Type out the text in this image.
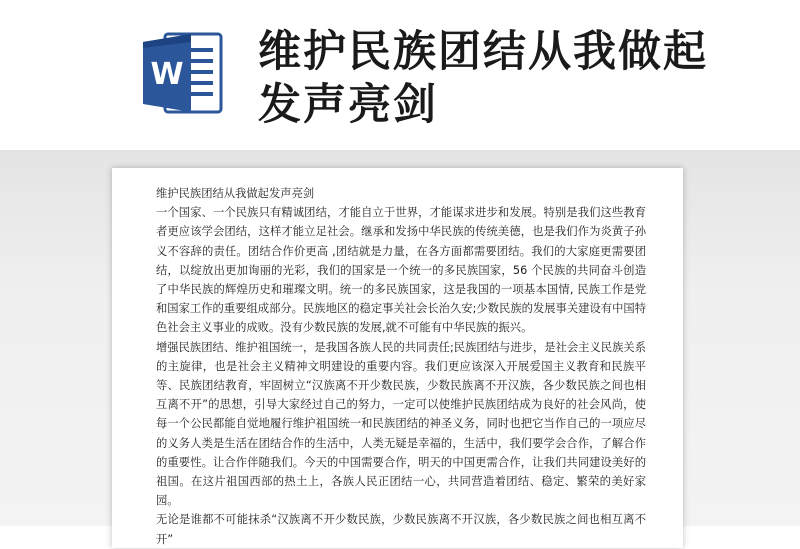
W 维护民族团结从我做起发声亮剑

维护民族团结从我做起发声亮剑

一个国家、一个民族只有精诚团结，才能自立于世界，才能谋求进步和发展。特别是我们这些教育者更应该学会团结，这样才能立足社会。继承和发扬中华民族的传统美德，也是我们作为炎黄子孙义不容辞的责任。团结合作价更高 ,团结就是力量，在各方面都需要团结。我们的大家庭更需要团结，以绽放出更加询丽的光彩，我们的国家是一个统一的多民族国家，56 个民族的共同奋斗创造了中华民族的辉煌历史和璀璨文明。统一的多民族国家，这是我国的一项基本国情, 民族工作是党和国家工作的重要组成部分。民族地区的稳定事关社会长治久安;少数民族的发展事关建设有中国特色社会主义事业的成败。没有少数民族的发展,就不可能有中华民族的振兴。

增强民族团结、维护祖国统一，是我国各族人民的共同责任;民族团结与进步，是社会主义民族关系的主旋律，也是社会主义精神文明建设的重要内容。我们更应该深入开展爱国主义教育和民族平等、民族团结教育，牢固树立“汉族离不开少数民族，少数民族离不开汉族，各少数民族之间也相互离不开”的思想，引导大家经过自己的努力，一定可以使维护民族团结成为良好的社会风尚，使每一个公民都能自觉地履行维护祖国统一和民族团结的神圣义务，同时也把它当作自己的一项应尽的义务人类是生活在团结合作的生活中，人类无疑是幸福的，生活中，我们要学会合作，了解合作的重要性。让合作伴随我们。今天的中国需要合作，明天的中国更需合作，让我们共同建设美好的祖国。在这片祖国西部的热土上，各族人民正团结一心，共同营造着团结、稳定、繁荣的美好家园。

无论是谁都不可能抹杀“汉族离不开少数民族，少数民族离不开汉族，各少数民族之间也相互离不开”
